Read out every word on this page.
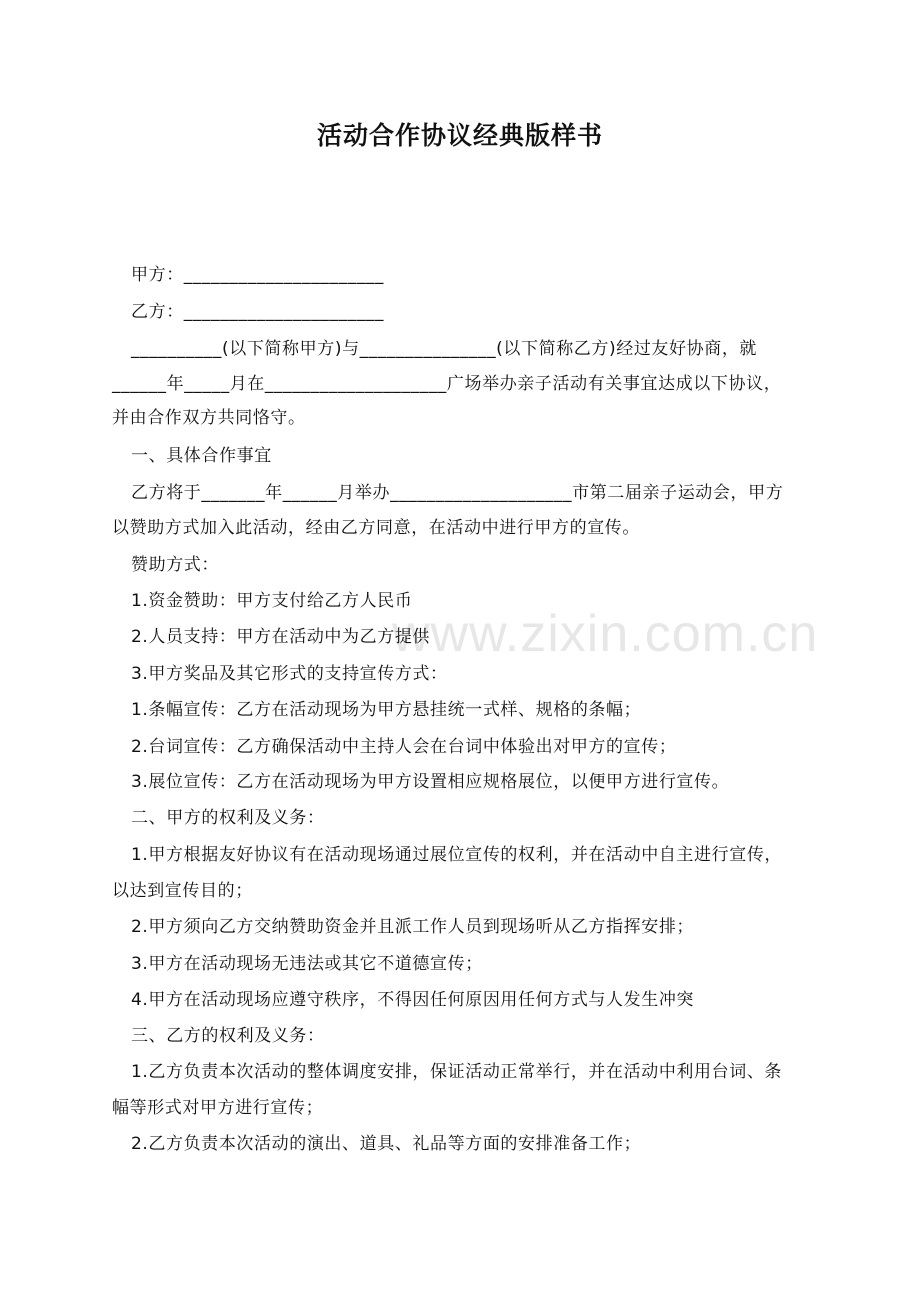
www.zixin.com.cn
活动合作协议经典版样书
甲方：______________________
乙方：______________________
__________(以下简称甲方)与_______________(以下简称乙方)经过友好协商，就
______年_____月在____________________广场举办亲子活动有关事宜达成以下协议，
并由合作双方共同恪守。
一、具体合作事宜
乙方将于_______年______月举办____________________市第二届亲子运动会，甲方
以赞助方式加入此活动，经由乙方同意，在活动中进行甲方的宣传。
赞助方式：
1.资金赞助：甲方支付给乙方人民币
2.人员支持：甲方在活动中为乙方提供
3.甲方奖品及其它形式的支持宣传方式：
1.条幅宣传：乙方在活动现场为甲方悬挂统一式样、规格的条幅；
2.台词宣传：乙方确保活动中主持人会在台词中体验出对甲方的宣传；
3.展位宣传：乙方在活动现场为甲方设置相应规格展位，以便甲方进行宣传。
二、甲方的权利及义务：
1.甲方根据友好协议有在活动现场通过展位宣传的权利，并在活动中自主进行宣传，
以达到宣传目的；
2.甲方须向乙方交纳赞助资金并且派工作人员到现场听从乙方指挥安排；
3.甲方在活动现场无违法或其它不道德宣传；
4.甲方在活动现场应遵守秩序，不得因任何原因用任何方式与人发生冲突
三、乙方的权利及义务：
1.乙方负责本次活动的整体调度安排，保证活动正常举行，并在活动中利用台词、条
幅等形式对甲方进行宣传；
2.乙方负责本次活动的演出、道具、礼品等方面的安排准备工作；
